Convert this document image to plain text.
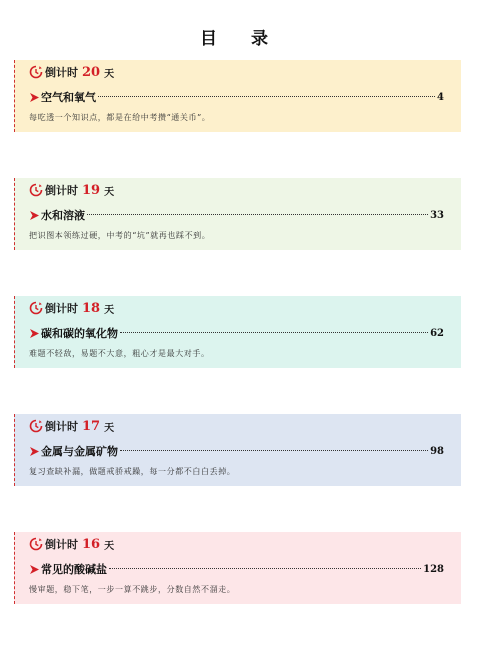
目 录
倒计时 20 天
空气和氧气	4
每吃透一个知识点，都是在给中考攒“通关币”。
倒计时 19 天
水和溶液	33
把识图本领练过硬，中考的“坑”就再也踩不到。
倒计时 18 天
碳和碳的氧化物	62
难题不轻敌，易题不大意，粗心才是最大对手。
倒计时 17 天
金属与金属矿物	98
复习查缺补漏，做题戒骄戒躁，每一分都不白白丢掉。
倒计时 16 天
常见的酸碱盐	128
慢审题，稳下笔，一步一算不跳步，分数自然不溜走。
